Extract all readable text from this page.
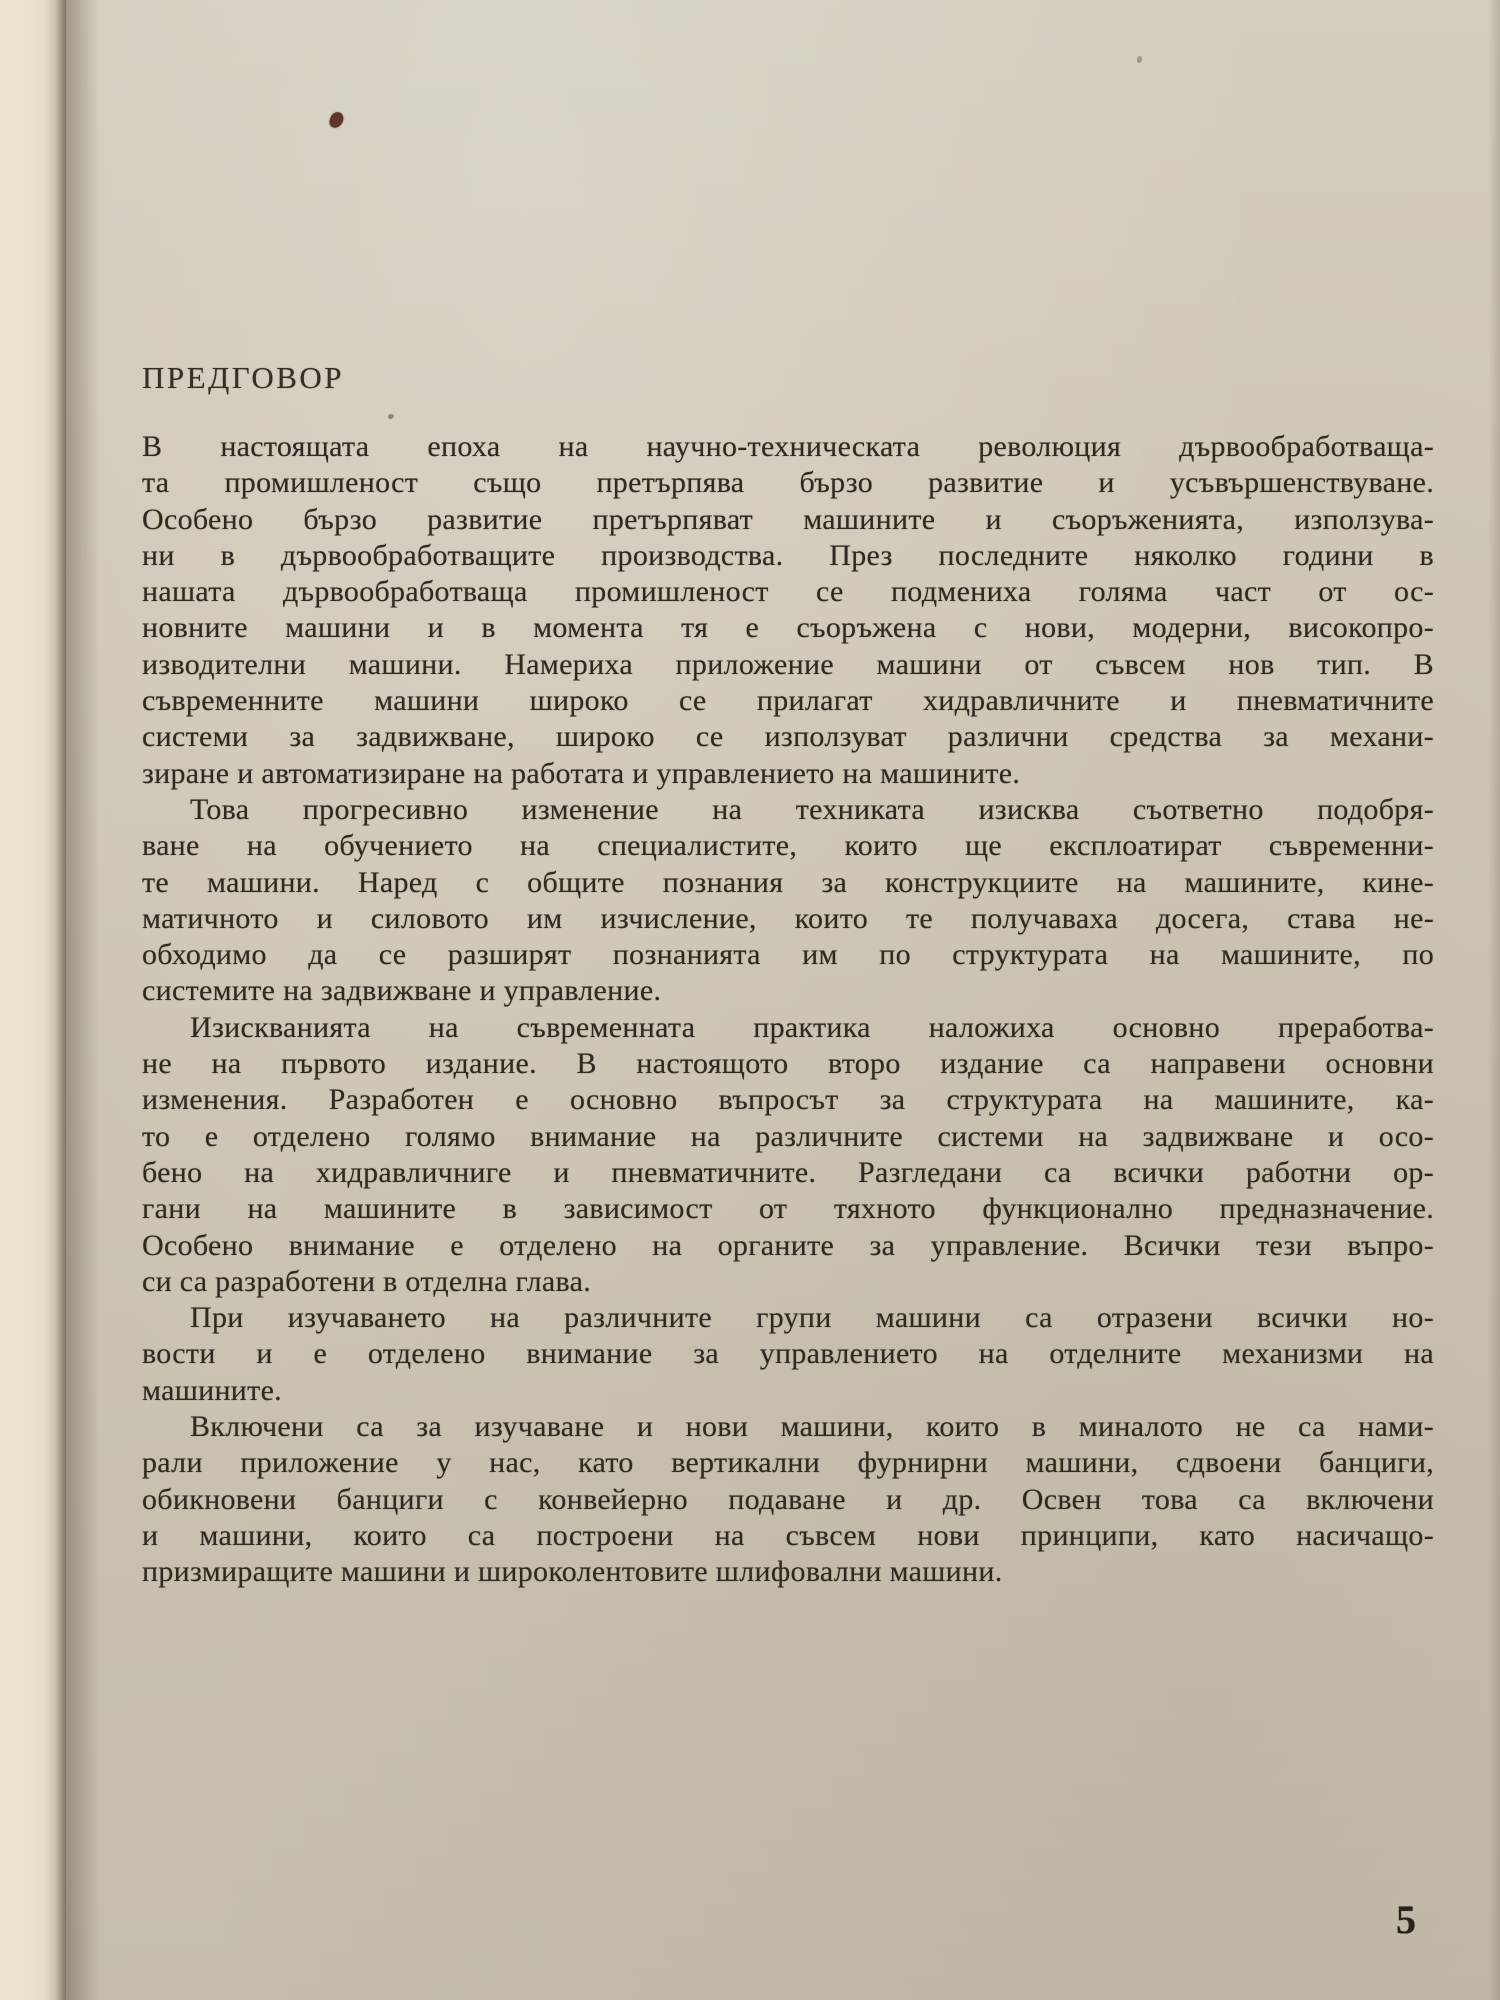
ПРЕДГОВОР
В настоящата епоха на научно-техническата революция дървообработваща-
та промишленост също претърпява бързо развитие и усъвършенствуване.
Особено бързо развитие претърпяват машините и съоръженията, използува-
ни в дървообработващите производства. През последните няколко години в
нашата дървообработваща промишленост се подмениха голяма част от ос-
новните машини и в момента тя е съоръжена с нови, модерни, високопро-
изводителни машини. Намериха приложение машини от съвсем нов тип. В
съвременните машини широко се прилагат хидравличните и пневматичните
системи за задвижване, широко се използуват различни средства за механи-
зиране и автоматизиране на работата и управлението на машините.
Това прогресивно изменение на техниката изисква съответно подобря-
ване на обучението на специалистите, които ще експлоатират съвременни-
те машини. Наред с общите познания за конструкциите на машините, кине-
матичното и силовото им изчисление, които те получаваха досега, става не-
обходимо да се разширят познанията им по структурата на машините, по
системите на задвижване и управление.
Изискванията на съвременната практика наложиха основно преработва-
не на първото издание. В настоящото второ издание са направени основни
изменения. Разработен е основно въпросът за структурата на машините, ка-
то е отделено голямо внимание на различните системи на задвижване и осо-
бено на хидравличниге и пневматичните. Разгледани са всички работни ор-
гани на машините в зависимост от тяхното функционално предназначение.
Особено внимание е отделено на органите за управление. Всички тези въпро-
си са разработени в отделна глава.
При изучаването на различните групи машини са отразени всички но-
вости и е отделено внимание за управлението на отделните механизми на
машините.
Включени са за изучаване и нови машини, които в миналото не са нами-
рали приложение у нас, като вертикални фурнирни машини, сдвоени банциги,
обикновени банциги с конвейерно подаване и др. Освен това са включени
и машини, които са построени на съвсем нови принципи, като насичащо-
призмиращите машини и широколентовите шлифовални машини.
5
